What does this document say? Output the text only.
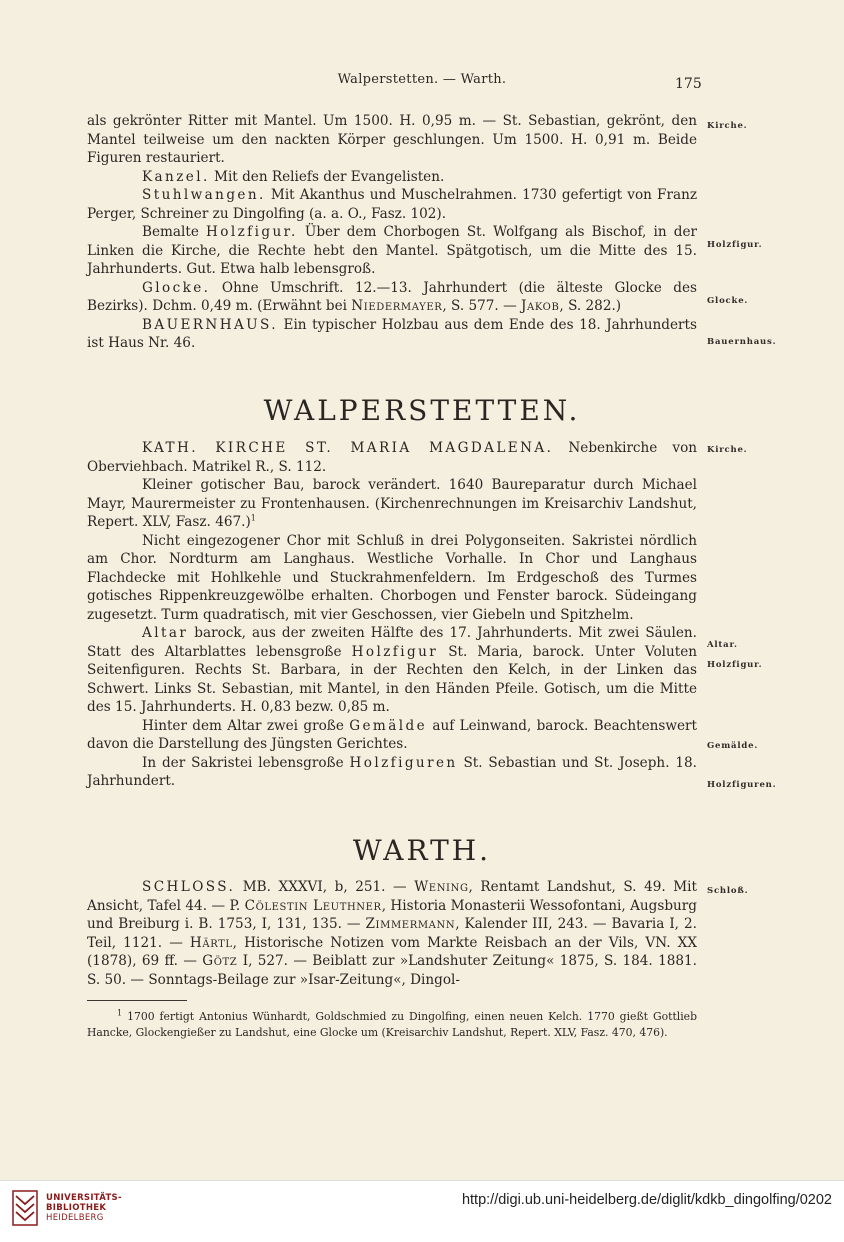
Walperstetten. — Warth.	175

als gekrönter Ritter mit Mantel. Um 1500. H. 0,95 m. — St. Sebastian, gekrönt, den Mantel teilweise um den nackten Körper geschlungen. Um 1500. H. 0,91 m. Beide Figuren restauriert.

Kanzel. Mit den Reliefs der Evangelisten.

Stuhlwangen. Mit Akanthus und Muschelrahmen. 1730 gefertigt von Franz Perger, Schreiner zu Dingolfing (a. a. O., Fasz. 102).

Bemalte Holzfigur. Über dem Chorbogen St. Wolfgang als Bischof, in der Linken die Kirche, die Rechte hebt den Mantel. Spätgotisch, um die Mitte des 15. Jahrhunderts. Gut. Etwa halb lebensgroß.

Glocke. Ohne Umschrift. 12.—13. Jahrhundert (die älteste Glocke des Bezirks). Dchm. 0,49 m. (Erwähnt bei Niedermayer, S. 577. — Jakob, S. 282.)

BAUERNHAUS. Ein typischer Holzbau aus dem Ende des 18. Jahrhunderts ist Haus Nr. 46.

Kirche.
Holzfigur.
Glocke.
Bauernhaus.
WALPERSTETTEN.

KATH. KIRCHE ST. MARIA MAGDALENA. Nebenkirche von Oberviehbach. Matrikel R., S. 112.

Kleiner gotischer Bau, barock verändert. 1640 Baureparatur durch Michael Mayr, Maurermeister zu Frontenhausen. (Kirchenrechnungen im Kreisarchiv Landshut, Repert. XLV, Fasz. 467.)$^1$

Nicht eingezogener Chor mit Schluß in drei Polygonseiten. Sakristei nördlich am Chor. Nordturm am Langhaus. Westliche Vorhalle. In Chor und Langhaus Flachdecke mit Hohlkehle und Stuckrahmenfeldern. Im Erdgeschoß des Turmes gotisches Rippenkreuzgewölbe erhalten. Chorbogen und Fenster barock. Südeingang zugesetzt. Turm quadratisch, mit vier Geschossen, vier Giebeln und Spitzhelm.

Altar barock, aus der zweiten Hälfte des 17. Jahrhunderts. Mit zwei Säulen. Statt des Altarblattes lebensgroße Holzfigur St. Maria, barock. Unter Voluten Seitenfiguren. Rechts St. Barbara, in der Rechten den Kelch, in der Linken das Schwert. Links St. Sebastian, mit Mantel, in den Händen Pfeile. Gotisch, um die Mitte des 15. Jahrhunderts. H. 0,83 bezw. 0,85 m.

Hinter dem Altar zwei große Gemälde auf Leinwand, barock. Beachtenswert davon die Darstellung des Jüngsten Gerichtes.

In der Sakristei lebensgroße Holzfiguren St. Sebastian und St. Joseph. 18. Jahrhundert.

Kirche.
Altar.
Holzfigur.
Gemälde.
Holzfiguren.
WARTH.

SCHLOSS. MB. XXXVI, b, 251. — Wening, Rentamt Landshut, S. 49. Mit Ansicht, Tafel 44. — P. Cölestin Leuthner, Historia Monasterii Wessofontani, Augsburg und Breiburg i. B. 1753, I, 131, 135. — Zimmermann, Kalender III, 243. — Bavaria I, 2. Teil, 1121. — Härtl, Historische Notizen vom Markte Reisbach an der Vils, VN. XX (1878), 69 ff. — Götz I, 527. — Beiblatt zur »Landshuter Zeitung« 1875, S. 184. 1881. S. 50. — Sonntags-Beilage zur »Isar-Zeitung«, Dingol-

Schloß.

$^1$ 1700 fertigt Antonius Wünhardt, Goldschmied zu Dingolfing, einen neuen Kelch. 1770 gießt Gottlieb Hancke, Glockengießer zu Landshut, eine Glocke um (Kreisarchiv Landshut, Repert. XLV, Fasz. 470, 476).

UNIVERSITÄTS-
BIBLIOTHEK
HEIDELBERG
http://digi.ub.uni-heidelberg.de/diglit/kdkb_dingolfing/0202
